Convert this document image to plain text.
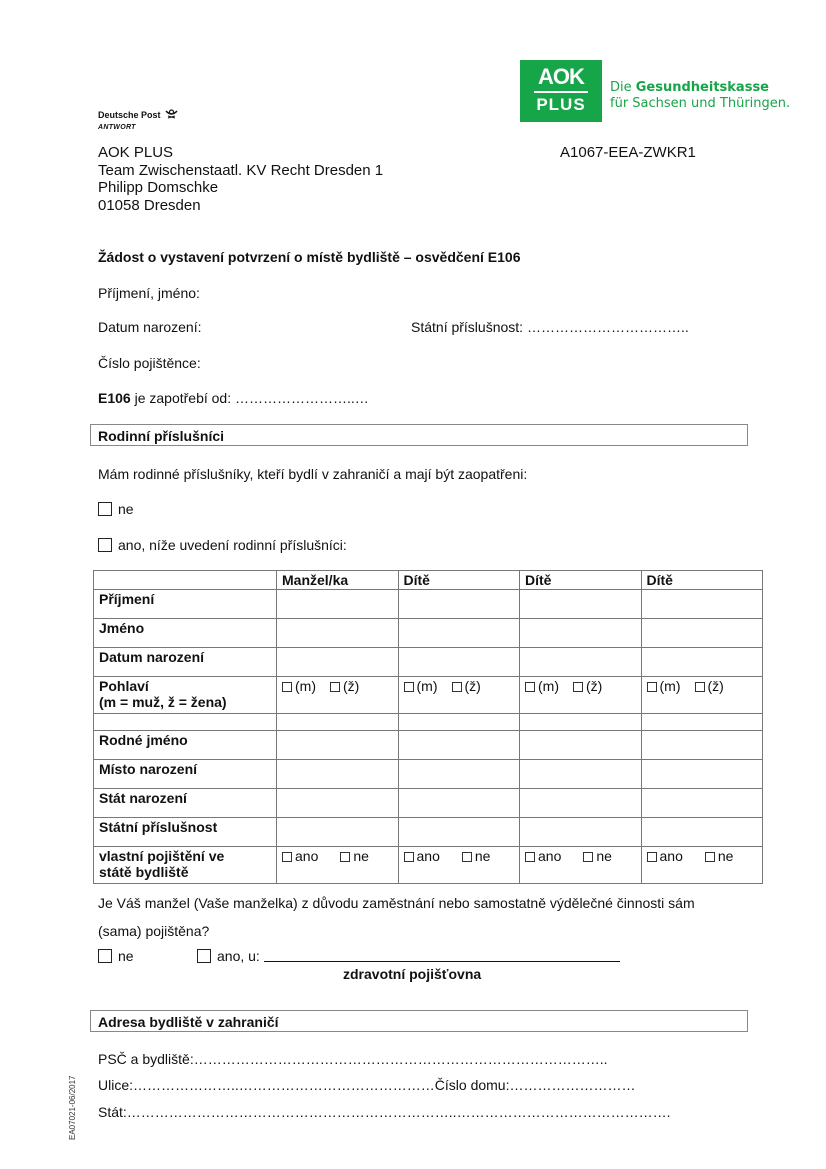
AOK
PLUS
Die Gesundheitskasse
für Sachsen und Thüringen.
Deutsche Post
ANTWORT
AOK PLUS
Team Zwischenstaatl. KV Recht Dresden 1
Philipp Domschke
01058 Dresden
A1067-EEA-ZWKR1
Žádost o vystavení potvrzení o místě bydliště – osvědčení E106
Příjmení, jméno:
Datum narození:	Státní příslušnost: ……………………………..
Číslo pojištěnce:
E106 je zapotřebí od: ……………………..…
Rodinní příslušníci
Mám rodinné příslušníky, kteří bydlí v zahraničí a mají být zaopatřeni:
ne
ano, níže uvedení rodinní příslušníci:
	Manžel/ka	Dítě	Dítě	Dítě
Příjmení				
Jméno				
Datum narození				
Pohlaví
(m = muž, ž = žena)	(m) (ž)	(m) (ž)	(m) (ž)	(m) (ž)

Rodné jméno				
Místo narození				
Stát narození				
Státní příslušnost				
vlastní pojištění ve
státě bydliště	ano ne	ano ne	ano ne	ano ne
Je Váš manžel (Vaše manželka) z důvodu zaměstnání nebo samostatně výdělečné činnosti sám
(sama) pojištěna?
ne	ano, u:
zdravotní pojišťovna
Adresa bydliště v zahraničí
PSČ a bydliště:……………………………………………………………………………..
Ulice:…………………..……………………………………Číslo domu:………………………
Stát:……………………………………………………………..……………………………………….
EA07021-06/2017
